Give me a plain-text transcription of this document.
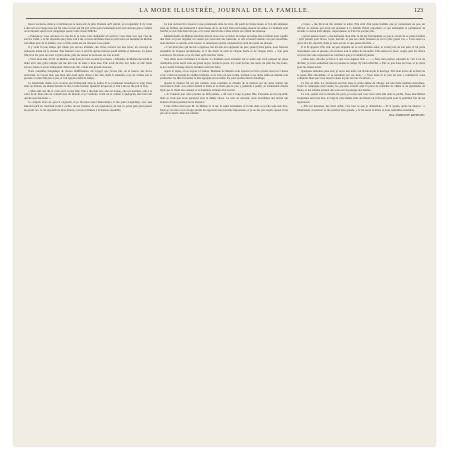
LA MODE ILLUSTRÉE, JOURNAL DE LA FAMILLE.	123

fresca nocturna, mais je n'oubliais pas le beau soir de juin. Pendant qu'il parlait, je le regardais; il n'y avait à dire sur son visage rien qui fût triste ni rien qui fût gai; il me parut seulement qu'il était devenu grave comme on le devient après avoir longtemps pensé à une chose difficile.

« Puisque je vous retrouve ici, me dit-il, je veux vous demander un service; vous allez voir que c'est un service d'ami. » Je lui répondis que j'étais tout à lui, et nous entrâmes dans le petit salon où madame de Mellan travaillait près de la fenêtre, avec sa fille assise sur un tabouret à ses pieds.

Il y avait là une lampe qui n'était pas encore allumée, des livres ouverts sur une table, un ouvrage de tapisserie laissé sur le dossier d'un fauteuil, tout ce qui fait qu'une maison paraît habitée et heureuse. La jeune fille leva les yeux en nous voyant entrer, puis les baissa de nouveau sur son travail.

« Voici mon ami, dit M. de Mellan, celui dont je vous ai parlé si souvent. » Madame de Mellan me tendit la main avec une grâce simple qui me mit tout de suite à mon aise. Elle avait dû être fort belle, et elle l'était encore; mais ce qu'on remarquait d'abord en elle, c'était une grande douceur.

Nous causâmes longtemps de choses indifférentes, du voyage que j'avais fait, de la saison, des livres nouveaux. Je voyais bien que mon ami avait autre chose à me dire, mais il attendait, et je ne voulus pas le presser. La nuit vint peu à peu, et l'on apporta enfin la lampe.

Le lendemain matin, je le trouvai qui m'attendait dans le jardin. Il se promenait lentement le long d'une allée de tilleuls, les mains derrière le dos, la tête baissée. Quand il m'aperçut, il vint à moi et me prit le bras.

« Mon ami, me dit-il, vous avez vu ma fille. Elle a dix-huit ans; elle est bonne, elle est instruite, elle a le cœur droit; mais elle ne connaît rien du monde, et je voudrais, avant de la confier à quelqu'un, être bien sûr qu'elle sera heureuse. »

Je compris alors de quoi il s'agissait, et je l'écoutai sans l'interrompre. Il me parla longtemps, avec une émotion qu'il ne cherchait point à cacher, de ses craintes, de ses espérances, de tout ce qu'un père peut penser en pareil cas. Je lui répondis de mon mieux, et nous revînmes à la maison ensemble.

Le jour suivant fut consacré à une promenade dans les bois. On partit de bonne heure, et l'on alla déjeuner chez un fermier qui demeurait à deux lieues de là, au bord d'un petit étang entouré de saules. La matinée était fraîche, le ciel d'un bleu très pur, et la route suivait une vallée étroite où coulait un ruisseau.

Mademoiselle de Mellan marchait devant nous avec sa mère; de temps en temps elle s'arrêtait pour cueillir une fleur ou pour regarder un oiseau qui s'envolait des buissons, et elle revenait ensuite, un peu essoufflée, nous montrer ce qu'elle avait trouvé. Je remarquai qu'elle connaissait le nom de toutes les plantes.

« C'est mon père qui me les a apprises, me dit-elle en rougissant un peu; quand j'étais petite, nous faisions ensemble de longues promenades, et il me disait le nom de chaque herbe et de chaque arbre. » Son père souriait en l'écoutant, et je vis bien qu'il était fier d'elle.

Vers midi, nous arrivâmes à la ferme. La fermière nous attendait sur le seuil; elle avait préparé un repas champêtre qu'on servit sous un grand noyer, devant la porte. Il y avait du lait, des œufs, du pain bis, des fruits, et un certain fromage dont la fermière était très fière.

Après le repas, on se reposa à l'ombre. Madame de Mellan avait apporté un livre qu'elle nous lut à haute voix; c'était un recueil de vieilles ballades, et sa voix, un peu voilée, donnait à ces récits naïfs un charme tout particulier. Sa fille l'écoutait, la tête appuyée sur sa main, les yeux perdus dans le feuillage.

Quand la chaleur fut un peu tombée, nous reprîmes le chemin de la maison par un autre sentier qui traversait la forêt. Les arbres étaient si hauts et si serrés que le jour y pénétrait à peine; on n'entendait d'autre bruit que le chant des oiseaux et le murmure lointain d'un torrent.

« Je voudrais que cette journée ne finît jamais, » dit tout à coup la jeune fille. Personne ne lui répondit; mais je crois que nous pensions tous la même chose. Le soir, en rentrant, nous trouvâmes des lettres qui étaient arrivées pendant notre absence.

L'une d'elles était pour M. de Mellan; il la lut, la replia lentement, et la mit dans sa poche sans rien dire. Mais je vis bien à son visage qu'elle lui apportait une nouvelle importante, et je ne fus pas surpris quand il me pria de le suivre dans son cabinet.

« Lisez, » me dit-il en me tendant la lettre. Elle était d'un jeune homme que je connaissais un peu, un officier de marine qui avait été présenté à la famille l'hiver précédent, et qui demandait la permission de revenir. La lettre était simple, respectueuse, et d'un ton qui me plut.

« Qu'en pensez-vous? » me demanda mon ami. Je lui dis franchement ce que je savais de ce jeune homme : qu'il passait pour brave, loyal, instruit, et que ses chefs faisaient de lui le plus grand cas. « C'est aussi ce qu'on m'a dit, reprit-il; mais je veux savoir ce que pense ma fille. »

Il la fit appeler. Elle vint, un peu inquiète de se voir mandée ainsi, et s'assit près de son père. Il lui parla doucement, sans la presser, et lui laissa tout le temps de répondre. Elle baissa les yeux, rougit, puis les releva vers lui avec une expression de confiance que je n'oublierai jamais.

« Mon père, dit-elle, je ferai ce que vous jugerez bon. » — « Non, mon enfant, répondit-il, c'est à toi de décider; je veux seulement que tu prennes le temps d'y bien réfléchir. » Elle se jeta dans ses bras, et je sortis pour les laisser seuls.

Quelques semaines plus tard, je reçus une lettre qui m'annonçait le mariage. Elle était écrite de la main de la jeune fille elle-même, et se terminait par ces mots : « Vous étiez là le jour où tout a commencé; nous comptons bien que vous serez là aussi le jour où tout s'achèvera. »

J'y fus, en effet. La cérémonie eut lieu dans la petite église du village, par une belle matinée d'automne. Toute la campagne était venue; les paysans avaient orné la porte de branches de chêne et de guirlandes de fleurs, et les enfants jetaient des roses sur le passage des mariés.

Le soir, quand tout le monde fut parti, je restai seul avec mon vieil ami dans le jardin. Nous marchâmes longtemps sans rien dire, le long de cette même allée de tilleuls où il m'avait parlé pour la première fois de ses espérances.

« Elle est heureuse, me dit-il enfin; c'est tout ce que je demandais. » Et il ajouta, après un silence : « Maintenant, la maison va me paraître bien grande. » Je lui serrai la main, et nous rentrâmes ensemble.

Mme EMMELINE RAYMOND.
